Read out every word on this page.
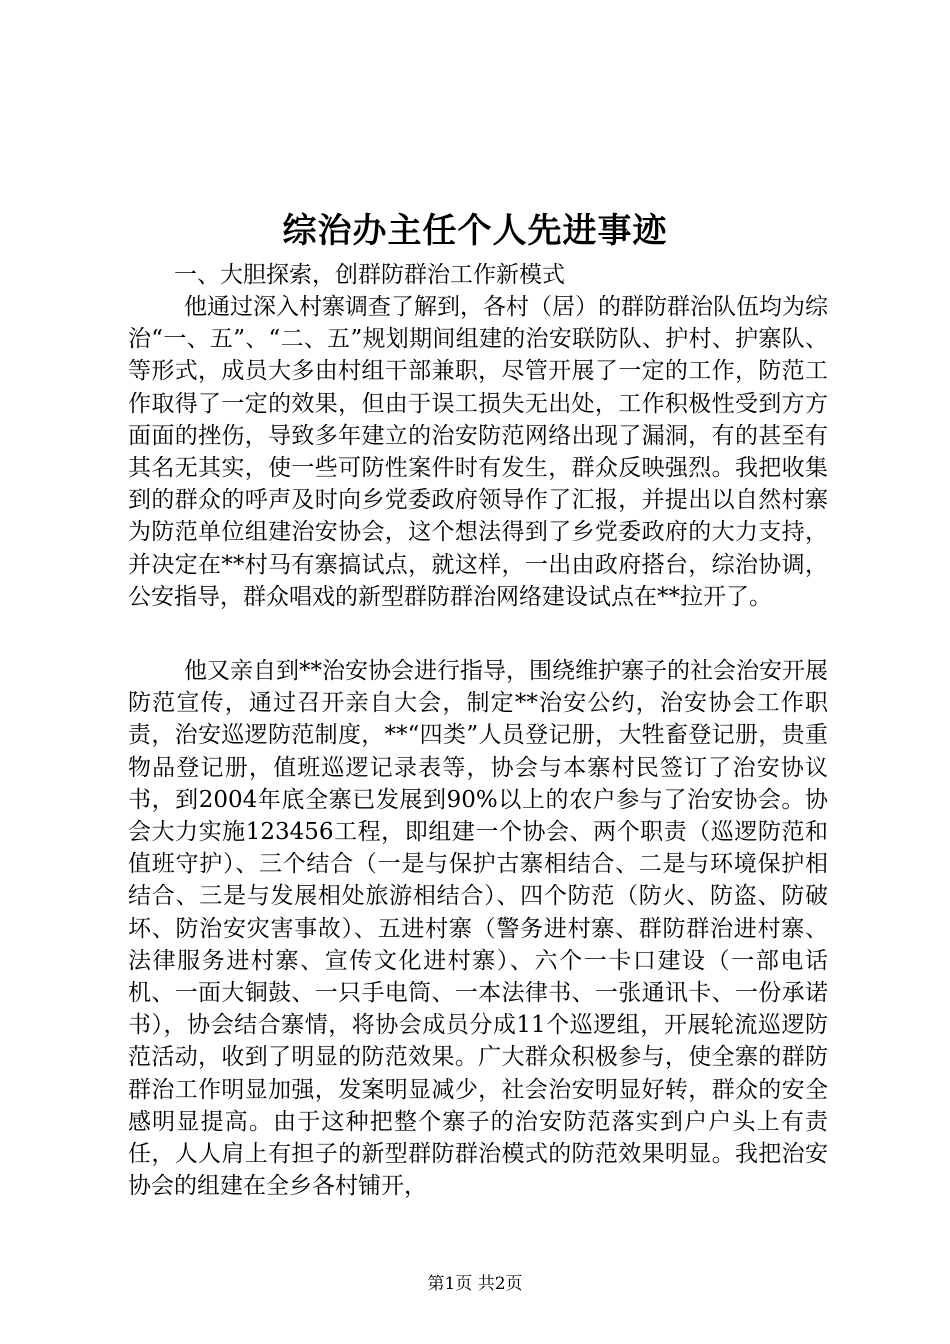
综治办主任个人先进事迹

一、大胆探索，创群防群治工作新模式

他通过深入村寨调查了解到，各村（居）的群防群治队伍均为综治“一、五”、“二、五”规划期间组建的治安联防队、护村、护寨队、等形式，成员大多由村组干部兼职，尽管开展了一定的工作，防范工作取得了一定的效果，但由于误工损失无出处，工作积极性受到方方面面的挫伤，导致多年建立的治安防范网络出现了漏洞，有的甚至有其名无其实，使一些可防性案件时有发生，群众反映强烈。我把收集到的群众的呼声及时向乡党委政府领导作了汇报，并提出以自然村寨为防范单位组建治安协会，这个想法得到了乡党委政府的大力支持，并决定在**村马有寨搞试点，就这样，一出由政府搭台，综治协调，公安指导，群众唱戏的新型群防群治网络建设试点在**拉开了。

他又亲自到**治安协会进行指导，围绕维护寨子的社会治安开展防范宣传，通过召开亲自大会，制定**治安公约，治安协会工作职责，治安巡逻防范制度，**“四类”人员登记册，大牲畜登记册，贵重物品登记册，值班巡逻记录表等，协会与本寨村民签订了治安协议书，到2004年底全寨已发展到90%以上的农户参与了治安协会。协会大力实施123456工程，即组建一个协会、两个职责（巡逻防范和值班守护）、三个结合（一是与保护古寨相结合、二是与环境保护相结合、三是与发展相处旅游相结合）、四个防范（防火、防盗、防破坏、防治安灾害事故）、五进村寨（警务进村寨、群防群治进村寨、法律服务进村寨、宣传文化进村寨）、六个一卡口建设（一部电话机、一面大铜鼓、一只手电筒、一本法律书、一张通讯卡、一份承诺书），协会结合寨情，将协会成员分成11个巡逻组，开展轮流巡逻防范活动，收到了明显的防范效果。广大群众积极参与，使全寨的群防群治工作明显加强，发案明显减少，社会治安明显好转，群众的安全感明显提高。由于这种把整个寨子的治安防范落实到户户头上有责任，人人肩上有担子的新型群防群治模式的防范效果明显。我把治安协会的组建在全乡各村铺开，

第1页 共2页
